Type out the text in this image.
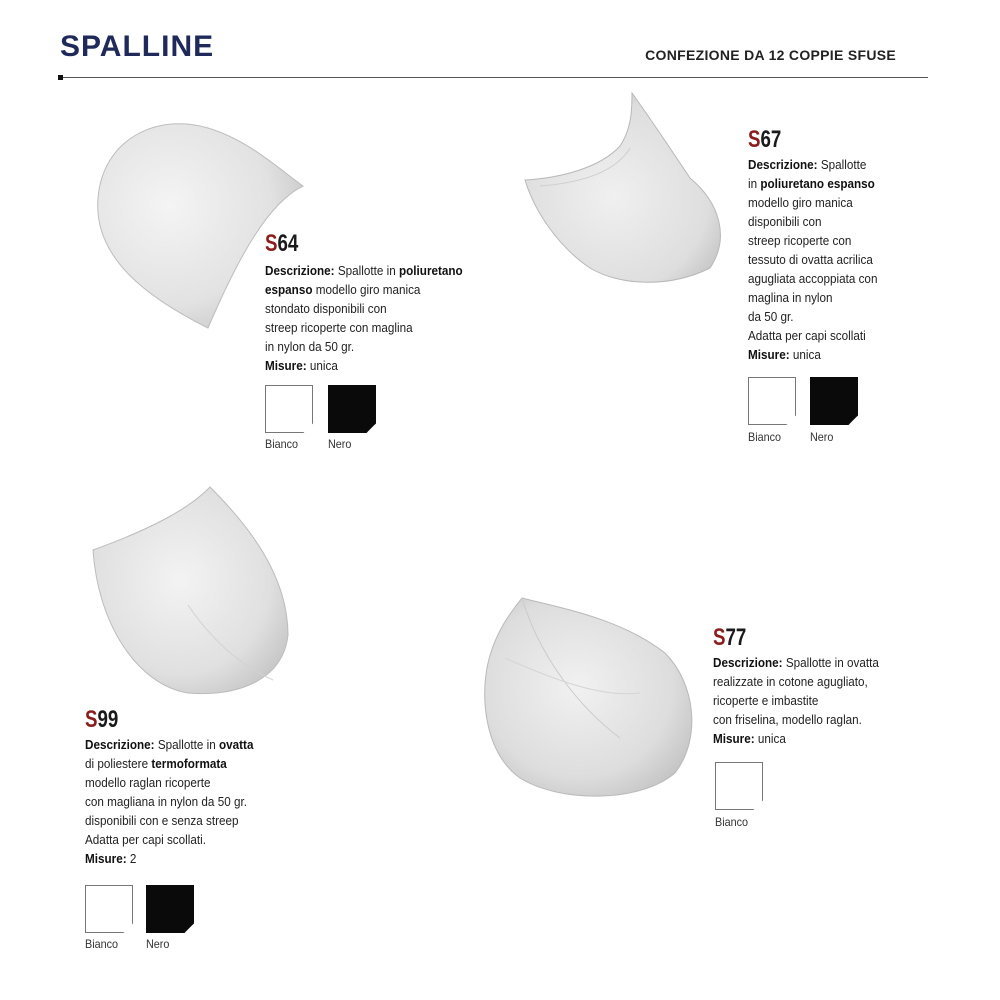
SPALLINE	CONFEZIONE DA 12 COPPIE SFUSE
S64
Descrizione: Spallotte in poliuretano
espanso modello giro manica
stondato disponibili con
streep ricoperte con maglina
in nylon da 50 gr.
Misure: unica
Bianco Nero
S67
Descrizione: Spallotte
in poliuretano espanso
modello giro manica
disponibili con
streep ricoperte con
tessuto di ovatta acrilica
agugliata accoppiata con
maglina in nylon
da 50 gr.
Adatta per capi scollati
Misure: unica
Bianco Nero
S99
Descrizione: Spallotte in ovatta
di poliestere termoformata
modello raglan ricoperte
con magliana in nylon da 50 gr.
disponibili con e senza streep
Adatta per capi scollati.
Misure: 2
Bianco Nero
S77
Descrizione: Spallotte in ovatta
realizzate in cotone agugliato,
ricoperte e imbastite
con friselina, modello raglan.
Misure: unica
Bianco
